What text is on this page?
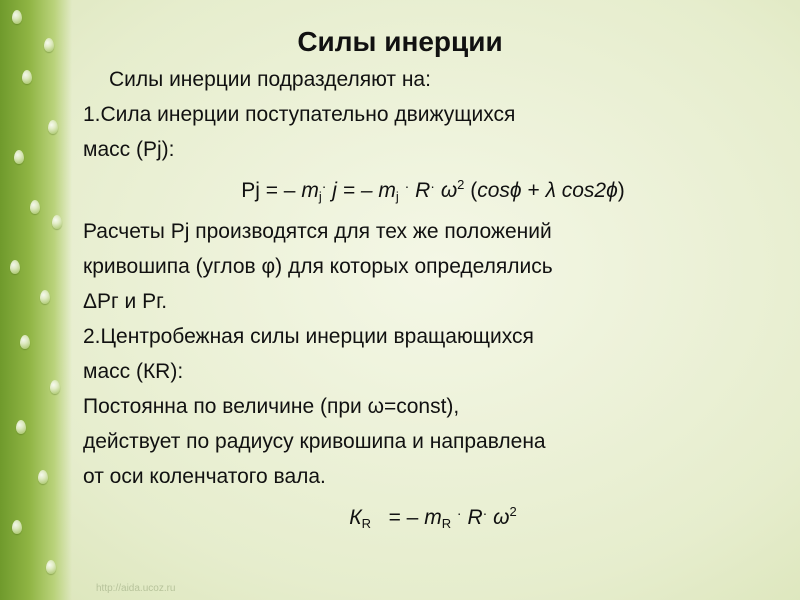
Силы инерции
Силы инерции подразделяют на:
1.Сила инерции поступательно движущихся
масс (Pj):
Pj = – $m_j^\cdot$ j = – $m_j$ · R· $\omega^2$ (cosϕ + λ cos2ϕ)
Расчеты Pj производятся для тех же положений
кривошипа (углов φ) для которых определялись
ΔРг и Рг.
2.Центробежная силы инерции вращающихся
масс (КR):
Постоянна по величине (при ω=const),
действует по радиусу кривошипа и направлена
от оси коленчатого вала.
$К_R$ = – $m_R$ · R· $\omega^2$
http://aida.ucoz.ru
